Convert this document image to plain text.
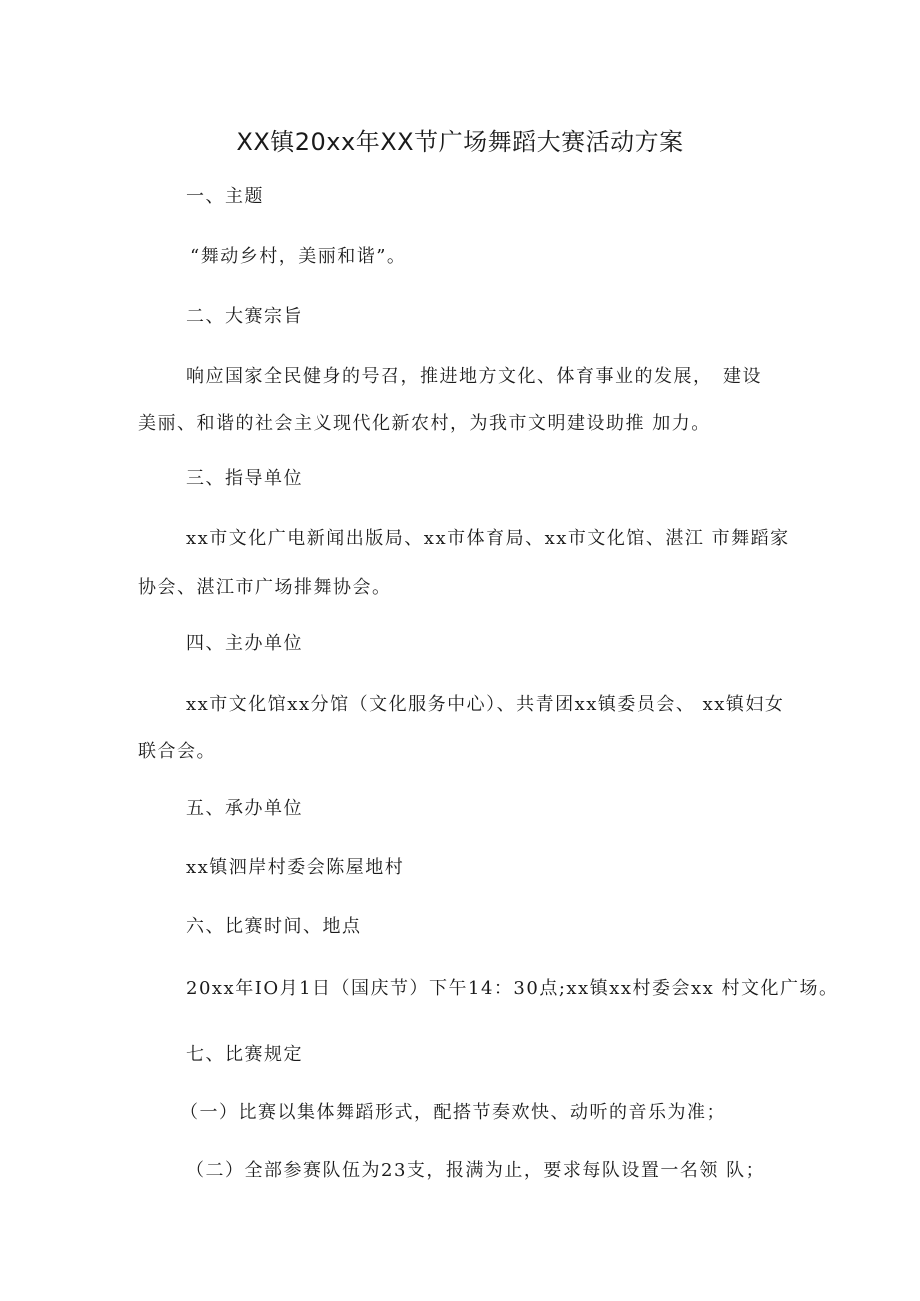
XX镇20xx年XX节广场舞蹈大赛活动方案
一、主题
“舞动乡村，美丽和谐”。
二、大赛宗旨
响应国家全民健身的号召，推进地方文化、体育事业的发展，　建设
美丽、和谐的社会主义现代化新农村，为我市文明建设助推 加力。
三、指导单位
xx市文化广电新闻出版局、xx市体育局、xx市文化馆、湛江 市舞蹈家
协会、湛江市广场排舞协会。
四、主办单位
xx市文化馆xx分馆（文化服务中心）、共青团xx镇委员会、 xx镇妇女
联合会。
五、承办单位
xx镇泗岸村委会陈屋地村
六、比赛时间、地点
20xx年IO月1日（国庆节）下午14：30点;xx镇xx村委会xx 村文化广场。
七、比赛规定
（一）比赛以集体舞蹈形式，配搭节奏欢快、动听的音乐为准；
（二）全部参赛队伍为23支，报满为止，要求每队设置一名领 队；
